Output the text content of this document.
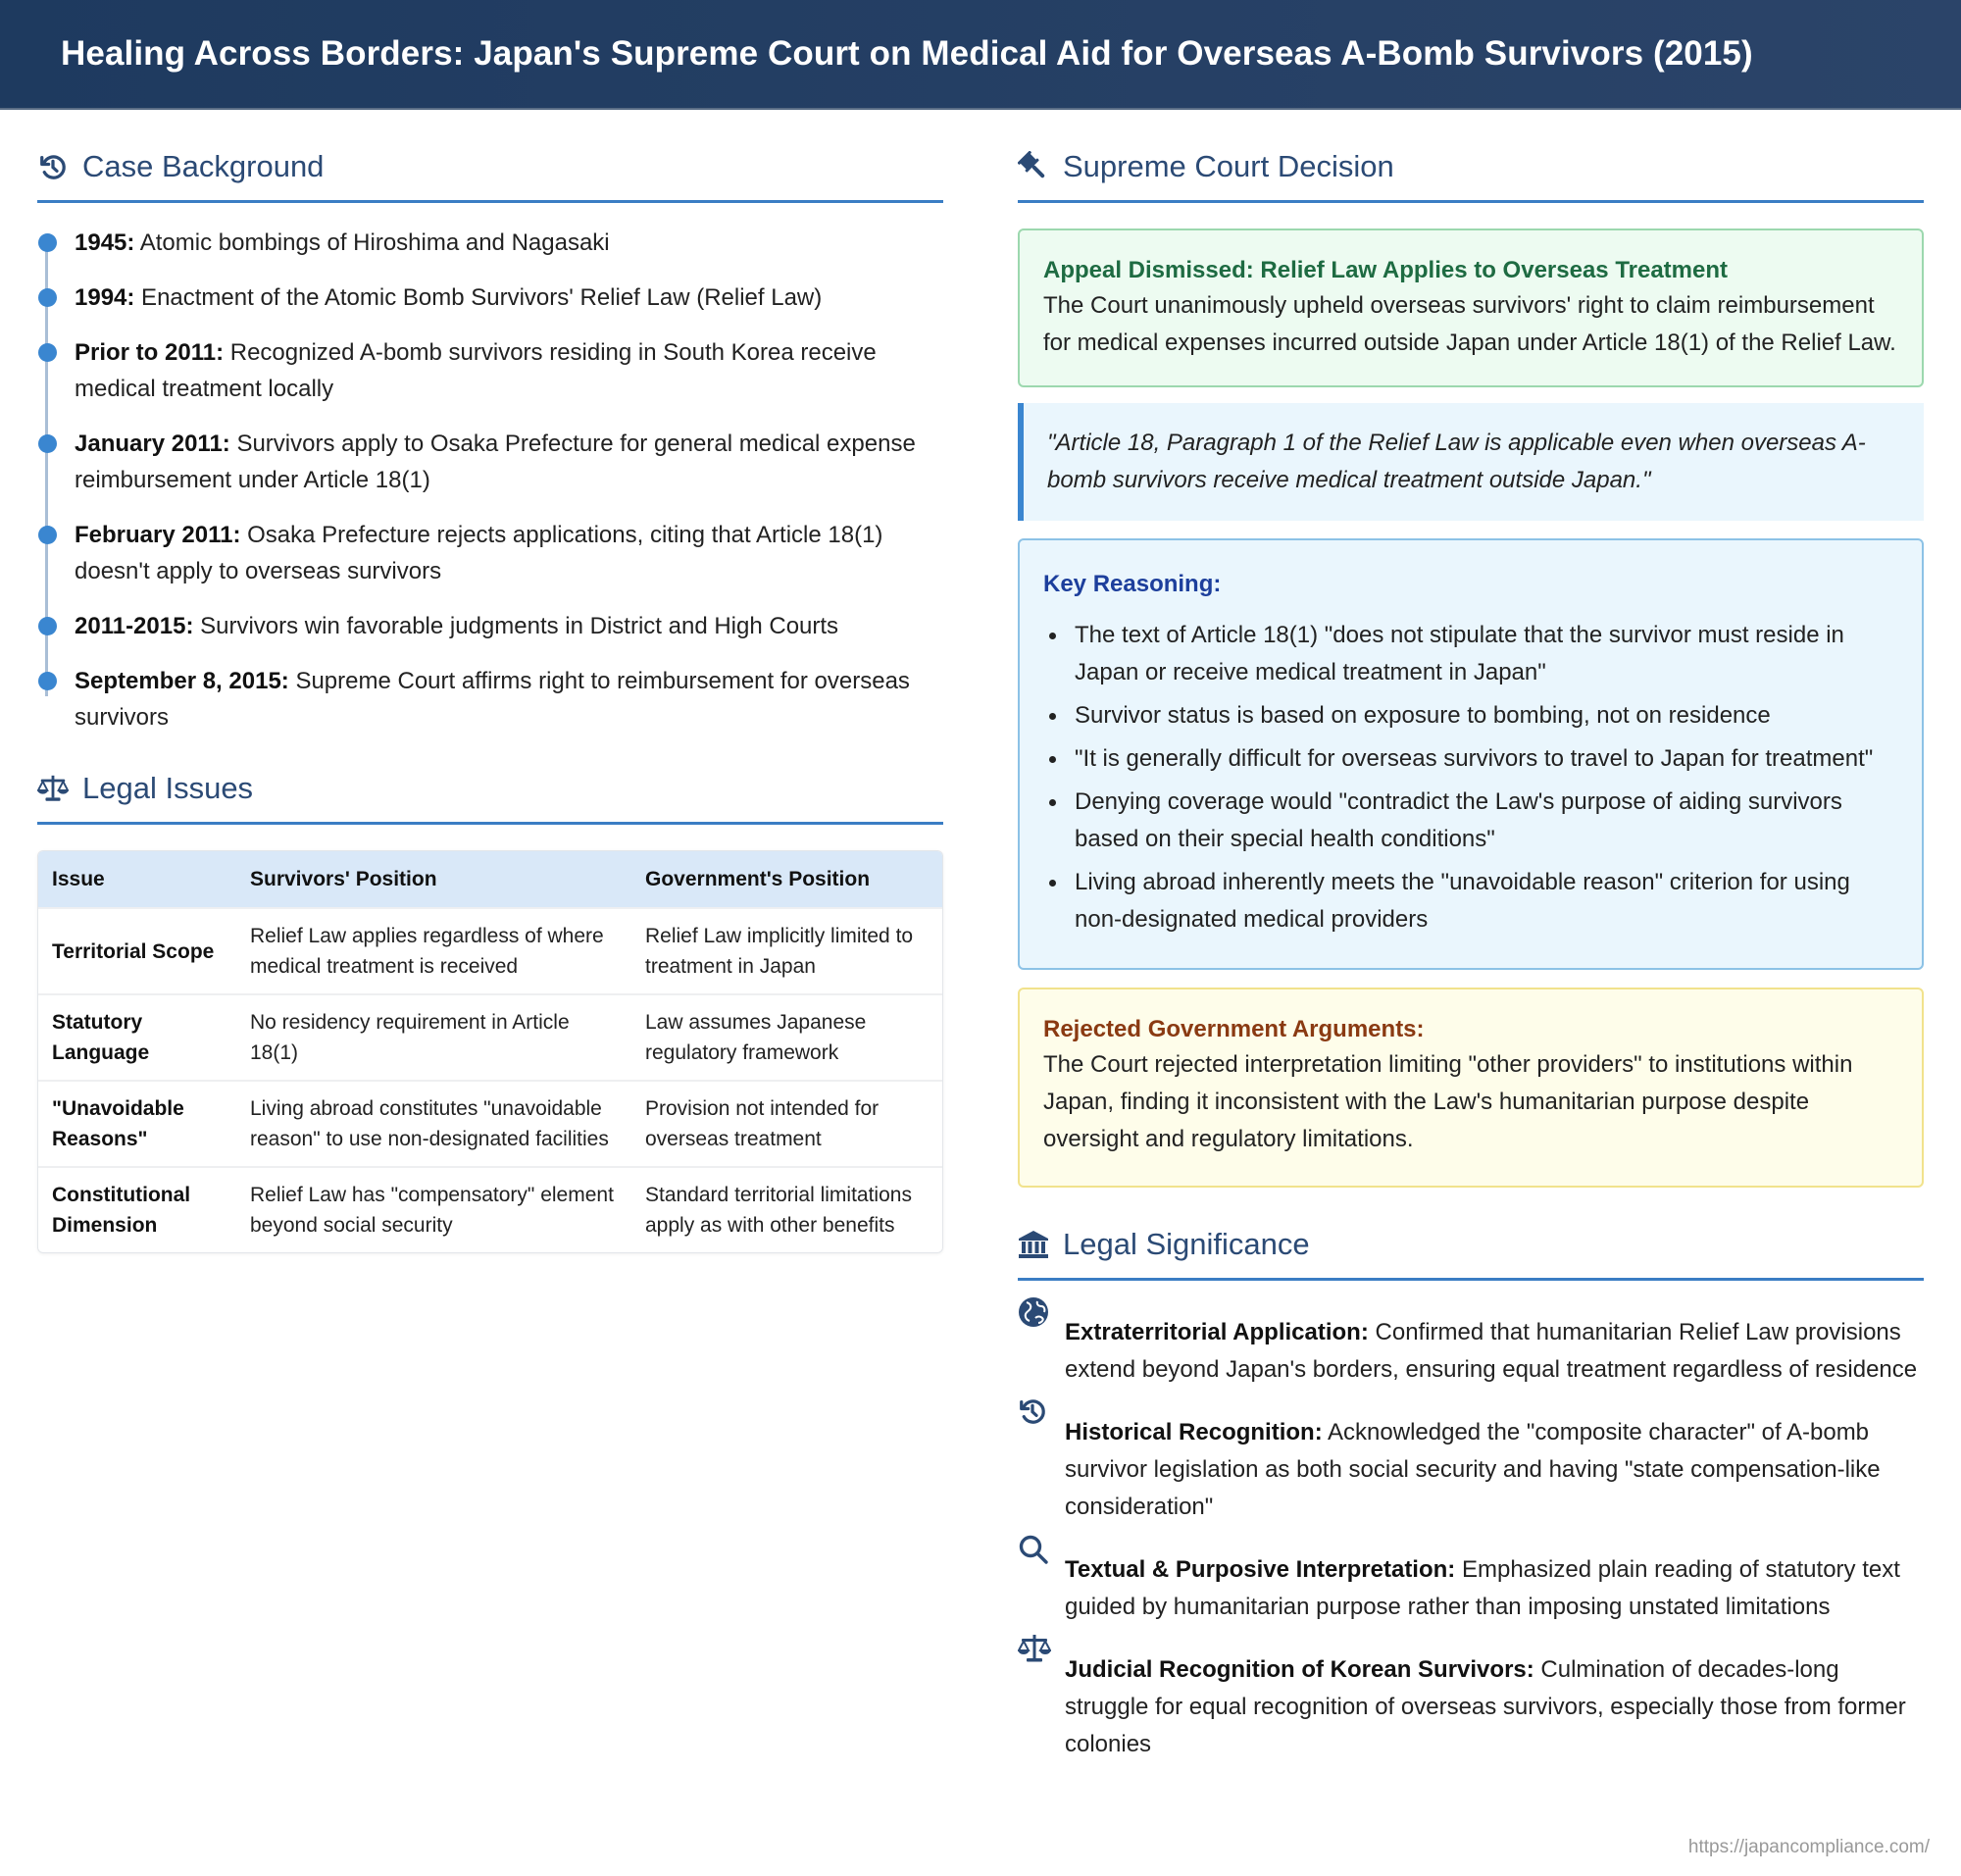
Healing Across Borders: Japan's Supreme Court on Medical Aid for Overseas A-Bomb Survivors (2015)
Case Background
1945: Atomic bombings of Hiroshima and Nagasaki
1994: Enactment of the Atomic Bomb Survivors' Relief Law (Relief Law)
Prior to 2011: Recognized A-bomb survivors residing in South Korea receive medical treatment locally
January 2011: Survivors apply to Osaka Prefecture for general medical expense reimbursement under Article 18(1)
February 2011: Osaka Prefecture rejects applications, citing that Article 18(1) doesn't apply to overseas survivors
2011-2015: Survivors win favorable judgments in District and High Courts
September 8, 2015: Supreme Court affirms right to reimbursement for overseas survivors
Legal Issues
Issue	Survivors' Position	Government's Position
Territorial Scope	Relief Law applies regardless of where medical treatment is received	Relief Law implicitly limited to treatment in Japan
Statutory Language	No residency requirement in Article 18(1)	Law assumes Japanese regulatory framework
"Unavoidable Reasons"	Living abroad constitutes "unavoidable reason" to use non-designated facilities	Provision not intended for overseas treatment
Constitutional Dimension	Relief Law has "compensatory" element beyond social security	Standard territorial limitations apply as with other benefits
Supreme Court Decision
Appeal Dismissed: Relief Law Applies to Overseas Treatment
The Court unanimously upheld overseas survivors' right to claim reimbursement for medical expenses incurred outside Japan under Article 18(1) of the Relief Law.
"Article 18, Paragraph 1 of the Relief Law is applicable even when overseas A-bomb survivors receive medical treatment outside Japan."
Key Reasoning:
The text of Article 18(1) "does not stipulate that the survivor must reside in Japan or receive medical treatment in Japan"
Survivor status is based on exposure to bombing, not on residence
"It is generally difficult for overseas survivors to travel to Japan for treatment"
Denying coverage would "contradict the Law's purpose of aiding survivors based on their special health conditions"
Living abroad inherently meets the "unavoidable reason" criterion for using non-designated medical providers
Rejected Government Arguments:
The Court rejected interpretation limiting "other providers" to institutions within Japan, finding it inconsistent with the Law's humanitarian purpose despite oversight and regulatory limitations.
Legal Significance
Extraterritorial Application: Confirmed that humanitarian Relief Law provisions extend beyond Japan's borders, ensuring equal treatment regardless of residence
Historical Recognition: Acknowledged the "composite character" of A-bomb survivor legislation as both social security and having "state compensation-like consideration"
Textual & Purposive Interpretation: Emphasized plain reading of statutory text guided by humanitarian purpose rather than imposing unstated limitations
Judicial Recognition of Korean Survivors: Culmination of decades-long struggle for equal recognition of overseas survivors, especially those from former colonies
https://japancompliance.com/
